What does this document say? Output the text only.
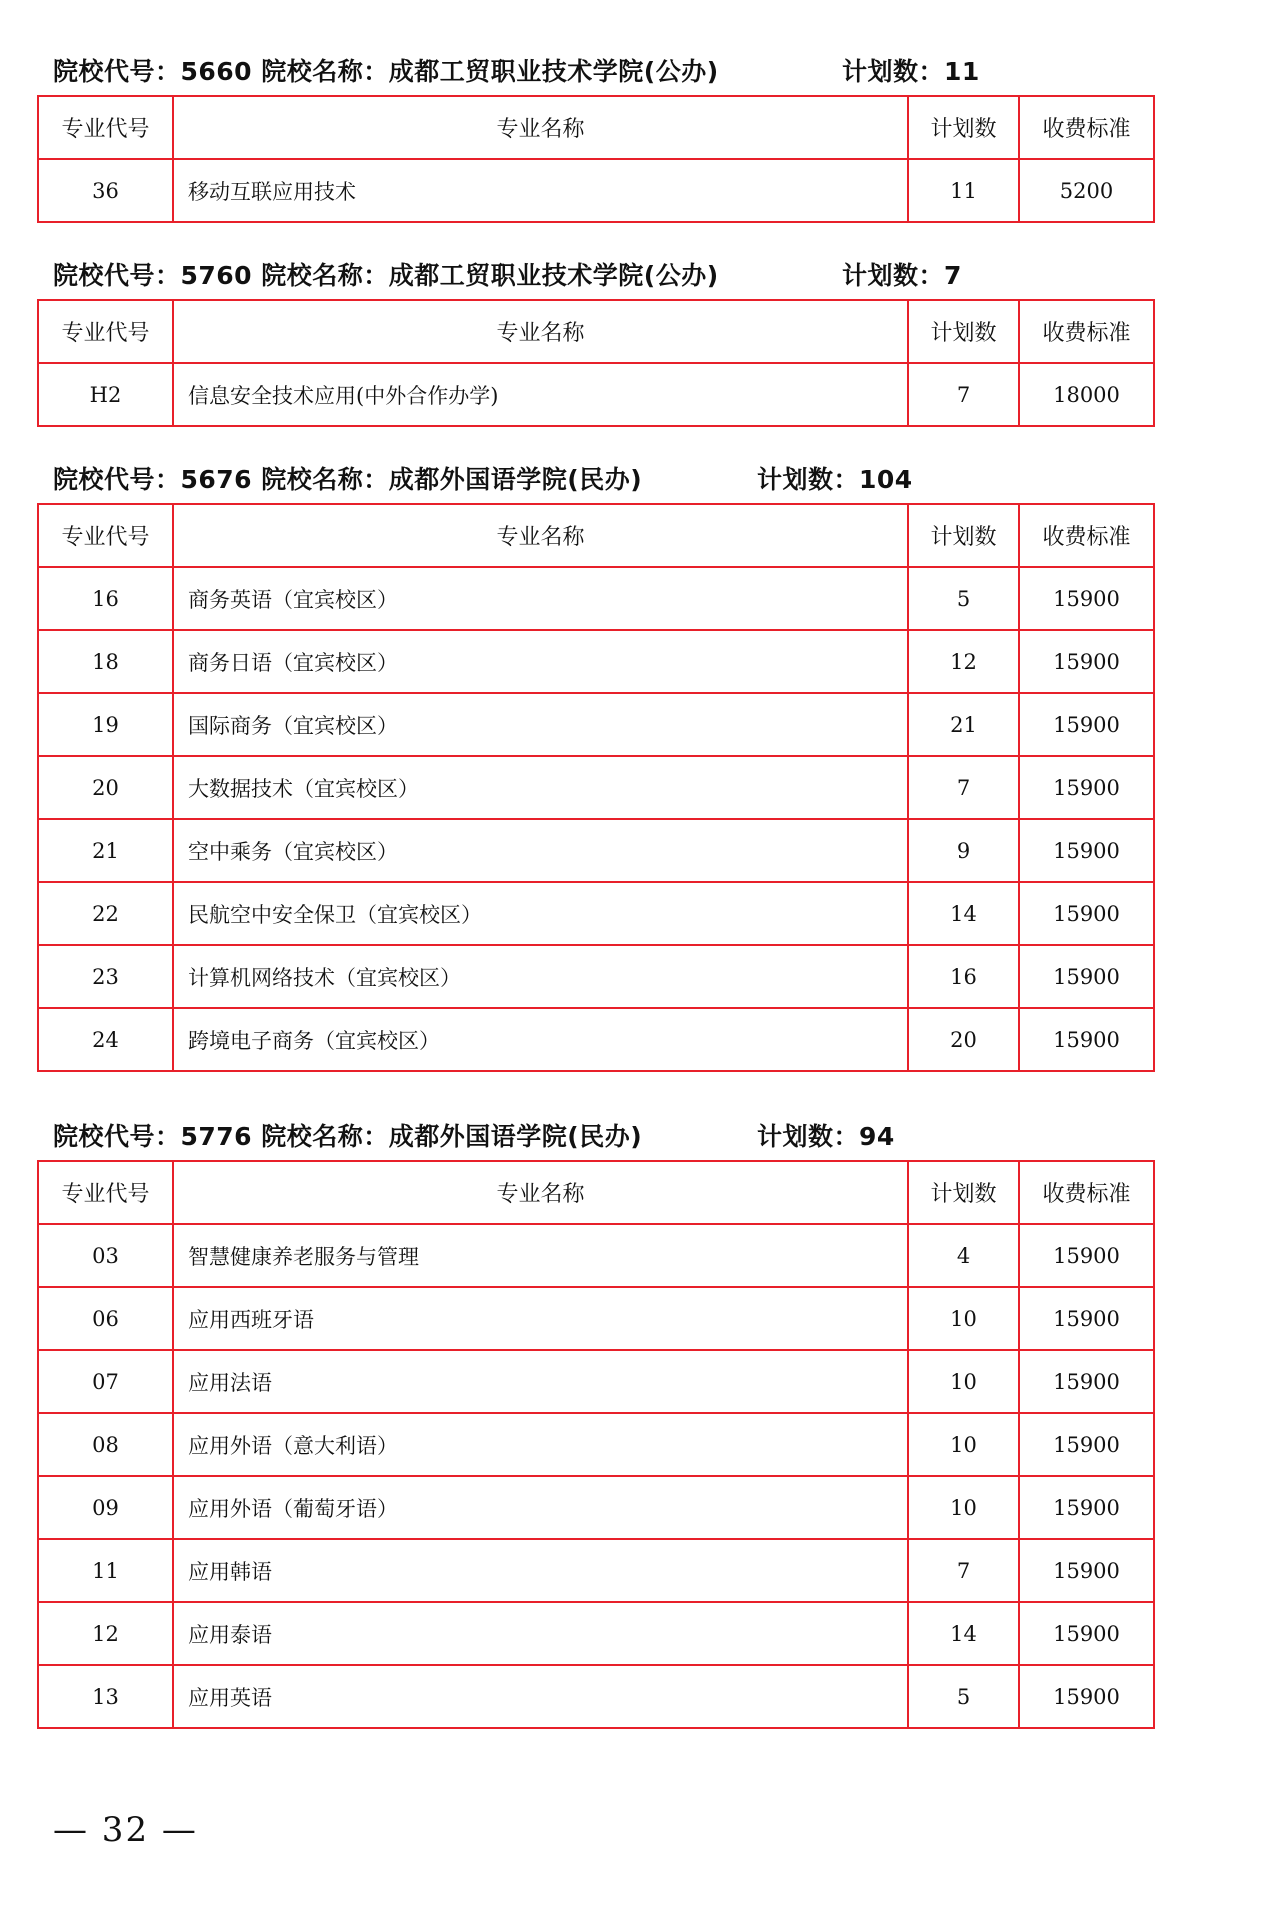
院校代号：5660 院校名称：成都工贸职业技术学院(公办)	计划数：11
专业代号	专业名称	计划数	收费标准
36	移动互联应用技术	11	5200
院校代号：5760 院校名称：成都工贸职业技术学院(公办)	计划数：7
专业代号	专业名称	计划数	收费标准
H2	信息安全技术应用(中外合作办学)	7	18000
院校代号：5676 院校名称：成都外国语学院(民办)	计划数：104
专业代号	专业名称	计划数	收费标准
16	商务英语（宜宾校区）	5	15900
18	商务日语（宜宾校区）	12	15900
19	国际商务（宜宾校区）	21	15900
20	大数据技术（宜宾校区）	7	15900
21	空中乘务（宜宾校区）	9	15900
22	民航空中安全保卫（宜宾校区）	14	15900
23	计算机网络技术（宜宾校区）	16	15900
24	跨境电子商务（宜宾校区）	20	15900
院校代号：5776 院校名称：成都外国语学院(民办)	计划数：94
专业代号	专业名称	计划数	收费标准
03	智慧健康养老服务与管理	4	15900
06	应用西班牙语	10	15900
07	应用法语	10	15900
08	应用外语（意大利语）	10	15900
09	应用外语（葡萄牙语）	10	15900
11	应用韩语	7	15900
12	应用泰语	14	15900
13	应用英语	5	15900
— 32 —
